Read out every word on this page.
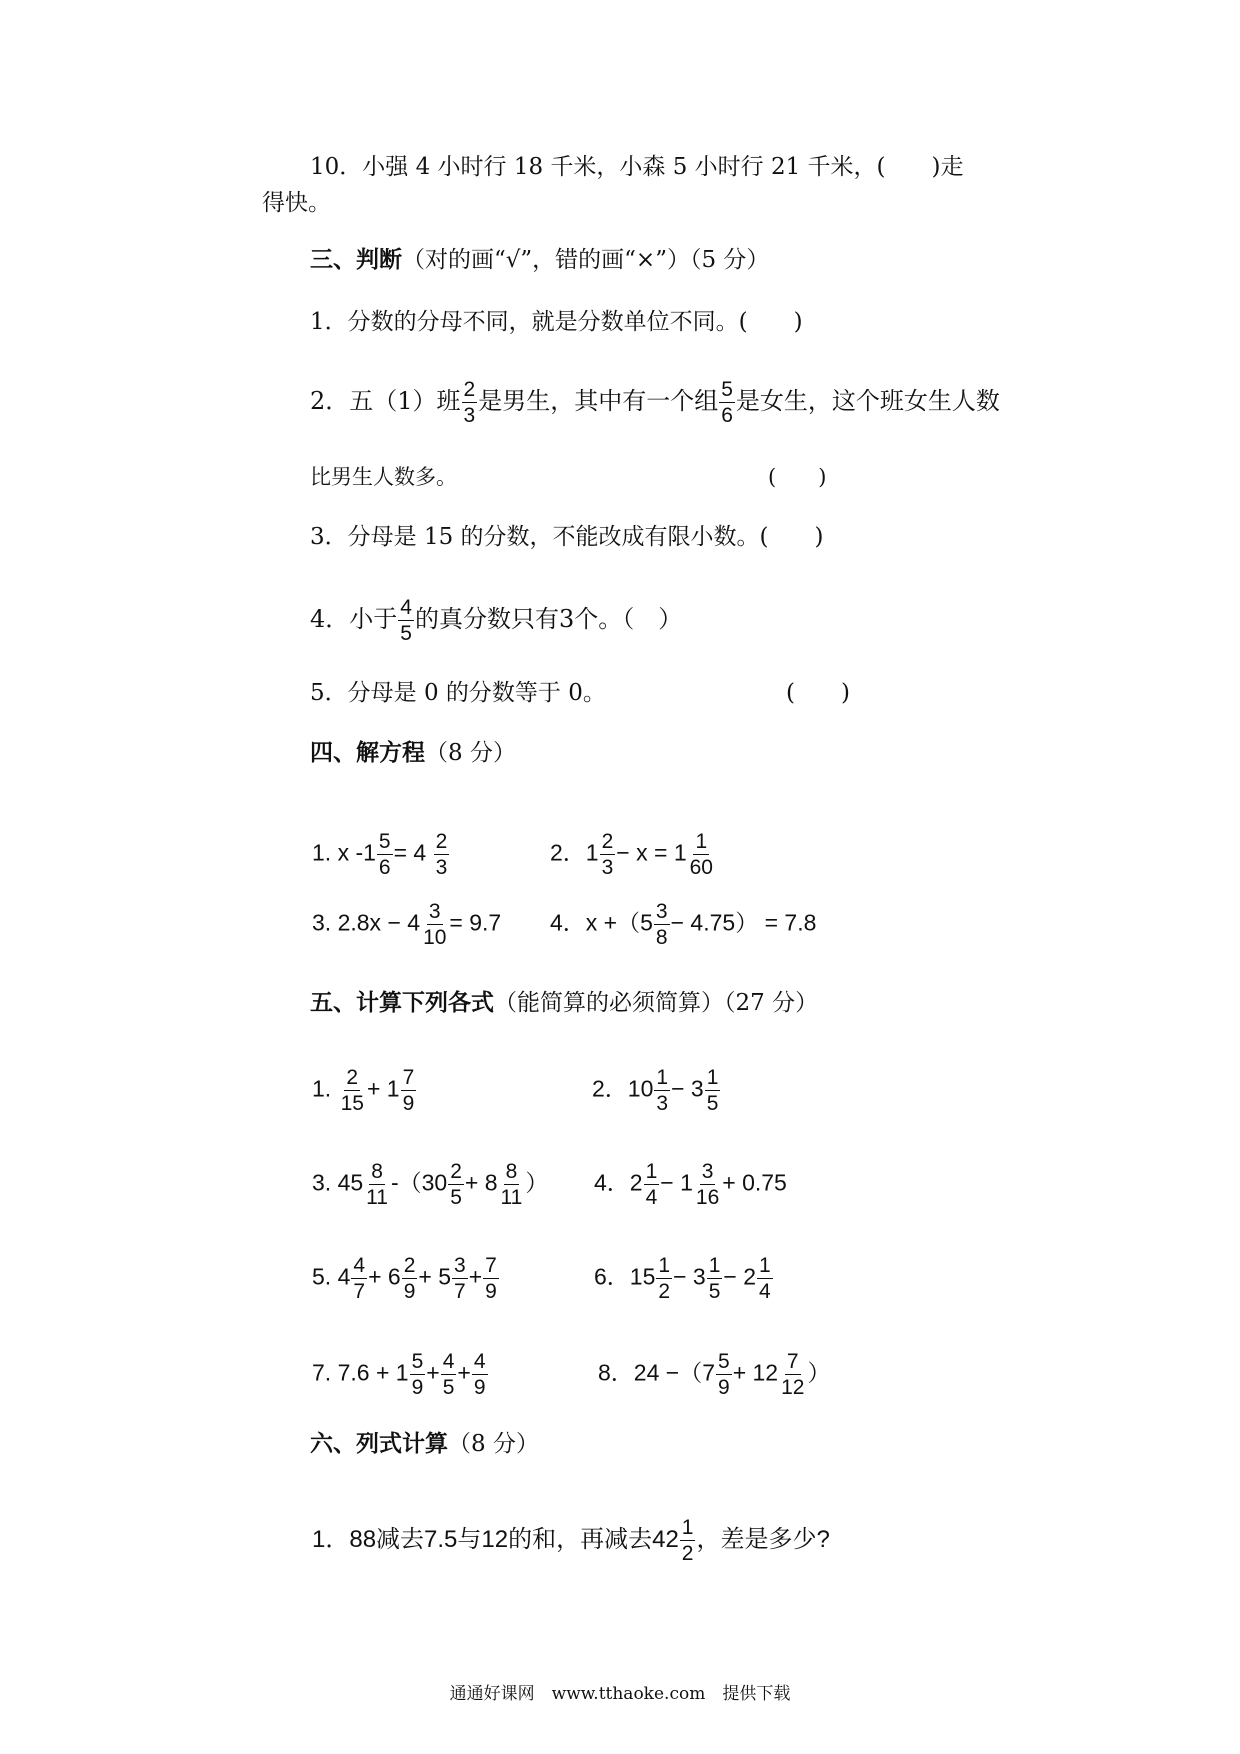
10．小强 4 小时行 18 千米，小森 5 小时行 21 千米，(　　)走
得快。
三、判断（对的画“√”，错的画“×”）（5 分）
1．分数的分母不同，就是分数单位不同。(　　)
2．五（1）班 $\frac{2}{3}$ 是男生，其中有一个组 $\frac{5}{6}$ 是女生，这个班女生人数
比男生人数多。	(　　)
3．分母是 15 的分数，不能改成有限小数。(　　)
4．小于 $\frac{4}{5}$ 的真分数只有3个。（　）
5．分母是 0 的分数等于 0。	(　　)
四、解方程（8 分）
1. x $-1 \frac{5}{6} = 4 \frac{2}{3}$	2．$1 \frac{2}{3} - x = 1 \frac{1}{60}$
3. $2.8x - 4 \frac{3}{10} = 9.7$ 4．$x +(5 \frac{3}{8} - 4.75) = 7.8$
五、计算下列各式（能简算的必须简算）（27 分）
1. $\frac{2}{15} + 1 \frac{7}{9}$	2．$10 \frac{1}{3} - 3 \frac{1}{5}$
3. $45 \frac{8}{11} -(30 \frac{2}{5} + 8 \frac{8}{11}$ ） 4．$2 \frac{1}{4} - 1 \frac{3}{16} + 0.75$
5. $4 \frac{4}{7} + 6 \frac{2}{9} + 5 \frac{3}{7} + \frac{7}{9}$	6．$15 \frac{1}{2} - 3 \frac{1}{5} - 2 \frac{1}{4}$
7. $7.6 + 1 \frac{5}{9} + \frac{4}{5} + \frac{4}{9}$	8．$24 -(7 \frac{5}{9} + 12 \frac{7}{12}$ ）
六、列式计算（8 分）
1．88减去7.5与12的和，再减去$42 \frac{1}{2}$ ，差是多少?
通通好课网　www.tthaoke.com　提供下载
